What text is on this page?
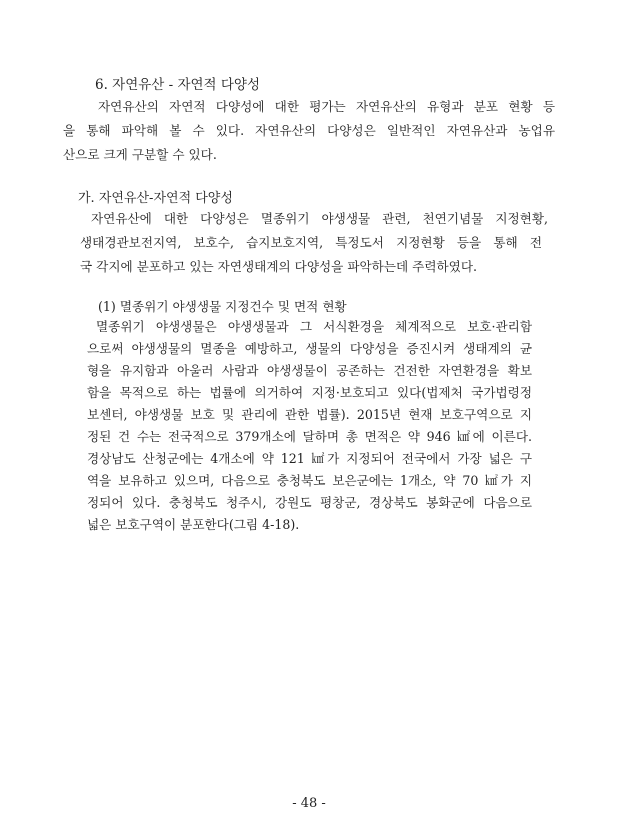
6. 자연유산 - 자연적 다양성
자연유산의 자연적 다양성에 대한 평가는 자연유산의 유형과 분포 현황 등
을 통해 파악해 볼 수 있다. 자연유산의 다양성은 일반적인 자연유산과 농업유
산으로 크게 구분할 수 있다.
가. 자연유산-자연적 다양성
자연유산에 대한 다양성은 멸종위기 야생생물 관련, 천연기념물 지정현황,
생태경관보전지역, 보호수, 습지보호지역, 특정도서 지정현황 등을 통해 전
국 각지에 분포하고 있는 자연생태계의 다양성을 파악하는데 주력하였다.
(1) 멸종위기 야생생물 지정건수 및 면적 현황
멸종위기 야생생물은 야생생물과 그 서식환경을 체계적으로 보호·관리함
으로써 야생생물의 멸종을 예방하고, 생물의 다양성을 증진시켜 생태계의 균
형을 유지함과 아울러 사람과 야생생물이 공존하는 건전한 자연환경을 확보
함을 목적으로 하는 법률에 의거하여 지정·보호되고 있다(법제처 국가법령정
보센터, 야생생물 보호 및 관리에 관한 법률). 2015년 현재 보호구역으로 지
정된 건 수는 전국적으로 379개소에 달하며 총 면적은 약 946 ㎢에 이른다.
경상남도 산청군에는 4개소에 약 121 ㎢가 지정되어 전국에서 가장 넓은 구
역을 보유하고 있으며, 다음으로 충청북도 보은군에는 1개소, 약 70 ㎢가 지
정되어 있다. 충청북도 청주시, 강원도 평창군, 경상북도 봉화군에 다음으로
넓은 보호구역이 분포한다(그림 4-18).
- 48 -
